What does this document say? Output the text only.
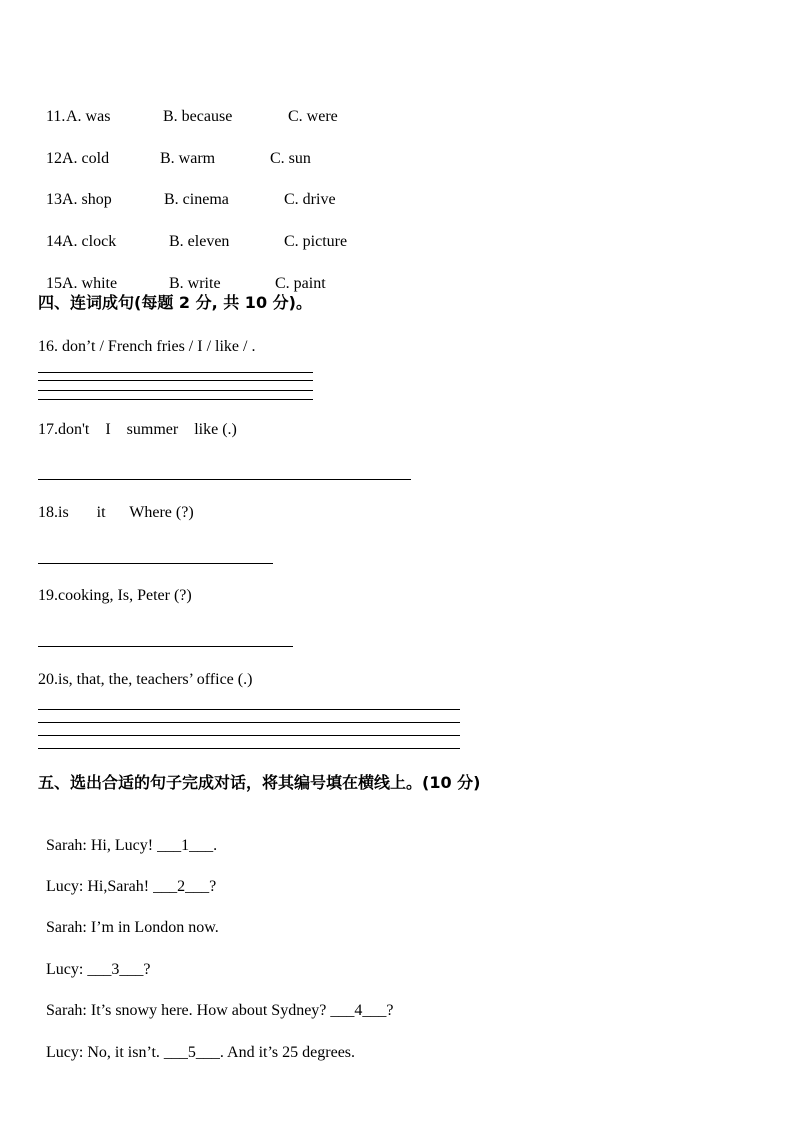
11. A. was	B. because	C. were

12.
A. cold	B. warm	C. sun

13.
A. shop	B. cinema	C. drive

14.
A. clock	B. eleven	C. picture

15.
A. white	B. write	C. paint

四、连词成句(每题 2 分, 共 10 分)。
16. don’t / French fries / I / like / .
17.don't    I    summer    like (.)
18.is       it      Where (?)
19.cooking, Is, Peter (?)
20.is, that, the, teachers’ office (.)
五、选出合适的句子完成对话，将其编号填在横线上。(10 分)

Sarah: Hi, Lucy! ___1___.

Lucy: Hi,Sarah! ___2___?

Sarah: I’m in London now.

Lucy: ___3___?

Sarah: It’s snowy here. How about Sydney? ___4___?

Lucy: No, it isn’t. ___5___. And it’s 25 degrees.
